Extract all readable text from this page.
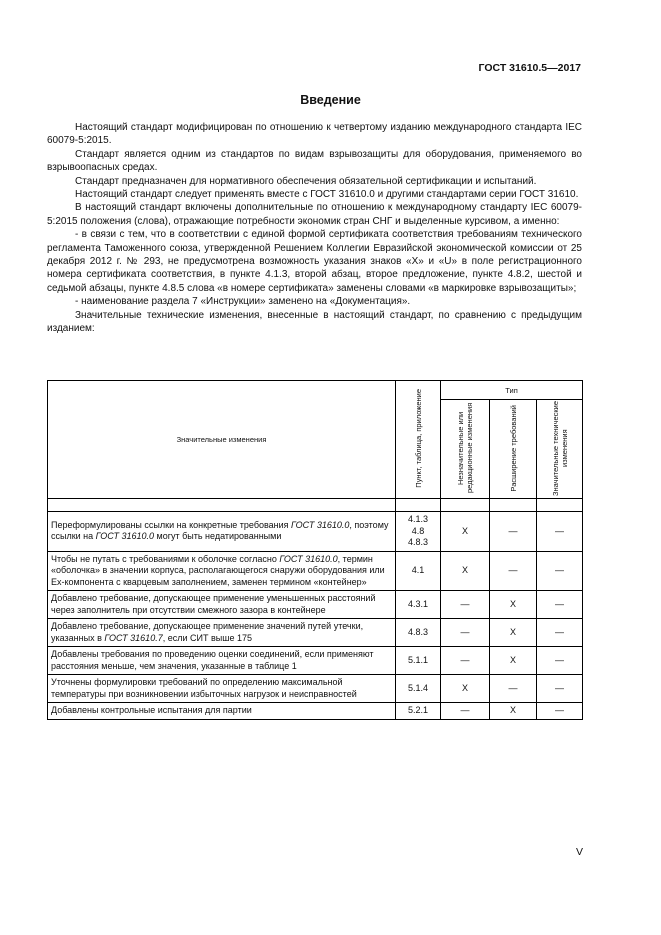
ГОСТ 31610.5—2017
Введение

Настоящий стандарт модифицирован по отношению к четвертому изданию международного стандарта IEC 60079-5:2015.

Стандарт является одним из стандартов по видам взрывозащиты для оборудования, применяемого во взрывоопасных средах.

Стандарт предназначен для нормативного обеспечения обязательной сертификации и испытаний.

Настоящий стандарт следует применять вместе с ГОСТ 31610.0 и другими стандартами серии ГОСТ 31610.

В настоящий стандарт включены дополнительные по отношению к международному стандарту IEC 60079-5:2015 положения (слова), отражающие потребности экономик стран СНГ и выделенные курсивом, а именно:

- в связи с тем, что в соответствии с единой формой сертификата соответствия требованиям технического регламента Таможенного союза, утвержденной Решением Коллегии Евразийской экономической комиссии от 25 декабря 2012 г. № 293, не предусмотрена возможность указания знаков «X» и «U» в поле регистрационного номера сертификата соответствия, в пункте 4.1.3, второй абзац, второе предложение, пункте 4.8.2, шестой и седьмой абзацы, пункте 4.8.5 слова «в номере сертификата» заменены словами «в маркировке взрывозащиты»;

- наименование раздела 7 «Инструкции» заменено на «Документация».

Значительные технические изменения, внесенные в настоящий стандарт, по сравнению с предыдущим изданием:

Значительные изменения	Пункт, таблица, приложение	Тип		
		Незначительные или редакционные изменения	Расширение требований	Значительные технические изменения

Переформулированы ссылки на конкретные требования ГОСТ 31610.0, поэтому ссылки на ГОСТ 31610.0 могут быть недатированными	4.1.3
4.8
4.8.3	X	—	—
Чтобы не путать с требованиями к оболочке согласно ГОСТ 31610.0, термин «оболочка» в значении корпуса, располагающегося снаружи оборудования или Ex-компонента с кварцевым заполнением, заменен термином «контейнер»	4.1	X	—	—
Добавлено требование, допускающее применение уменьшенных расстояний через заполнитель при отсутствии смежного зазора в контейнере	4.3.1	—	X	—
Добавлено требование, допускающее применение значений путей утечки, указанных в ГОСТ 31610.7, если СИТ выше 175	4.8.3	—	X	—
Добавлены требования по проведению оценки соединений, если применяют расстояния меньше, чем значения, указанные в таблице 1	5.1.1	—	X	—
Уточнены формулировки требований по определению максимальной температуры при возникновении избыточных нагрузок и неисправностей	5.1.4	X	—	—
Добавлены контрольные испытания для партии	5.2.1	—	X	—
V
